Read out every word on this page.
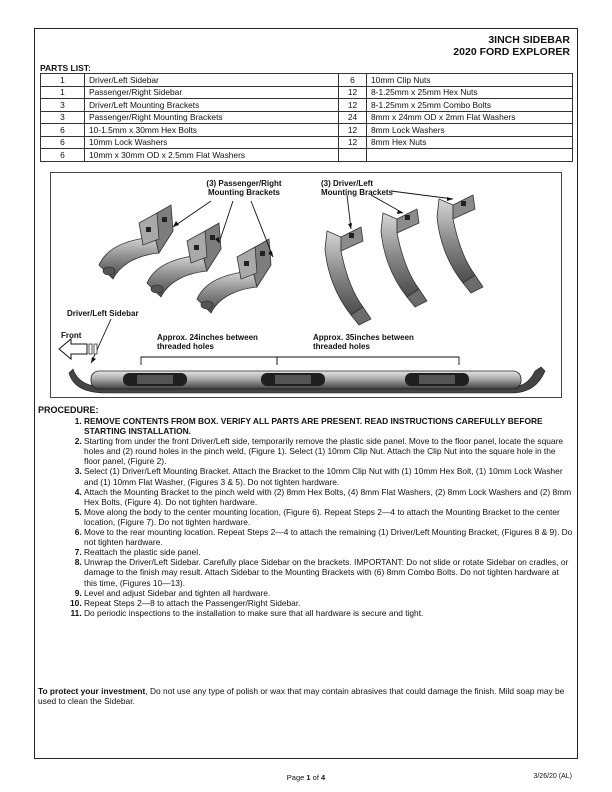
3INCH SIDEBAR
2020 FORD EXPLORER
PARTS LIST:
1	Driver/Left Sidebar	6	10mm Clip Nuts
1	Passenger/Right Sidebar	12	8-1.25mm x 25mm Hex Nuts
3	Driver/Left Mounting Brackets	12	8-1.25mm x 25mm Combo Bolts
3	Passenger/Right Mounting Brackets	24	8mm x 24mm OD x 2mm Flat Washers
6	10-1.5mm x 30mm Hex Bolts	12	8mm Lock Washers
6	10mm Lock Washers	12	8mm Hex Nuts
6	10mm x 30mm OD x 2.5mm Flat Washers		
(3) Passenger/Right Mounting Brackets
(3) Driver/Left Mounting Brackets
Driver/Left Sidebar
Front	Approx. 24inches between threaded holes
Approx. 35inches between threaded holes
PROCEDURE:
1. REMOVE CONTENTS FROM BOX. VERIFY ALL PARTS ARE PRESENT. READ INSTRUCTIONS CAREFULLY BEFORE STARTING INSTALLATION.
2. Starting from under the front Driver/Left side, temporarily remove the plastic side panel. Move to the floor panel, locate the square holes and (2) round holes in the pinch weld, (Figure 1). Select (1) 10mm Clip Nut. Attach the Clip Nut into the square hole in the floor panel, (Figure 2).
3. Select (1) Driver/Left Mounting Bracket. Attach the Bracket to the 10mm Clip Nut with (1) 10mm Hex Bolt, (1) 10mm Lock Washer and (1) 10mm Flat Washer, (Figures 3 & 5). Do not tighten hardware.
4. Attach the Mounting Bracket to the pinch weld with (2) 8mm Hex Bolts, (4) 8mm Flat Washers, (2) 8mm Lock Washers and (2) 8mm Hex Bolts, (Figure 4). Do not tighten hardware.
5. Move along the body to the center mounting location, (Figure 6). Repeat Steps 2—4 to attach the Mounting Bracket to the center location, (Figure 7). Do not tighten hardware.
6. Move to the rear mounting location. Repeat Steps 2—4 to attach the remaining (1) Driver/Left Mounting Bracket, (Figures 8 & 9). Do not tighten hardware.
7. Reattach the plastic side panel.
8. Unwrap the Driver/Left Sidebar. Carefully place Sidebar on the brackets. IMPORTANT: Do not slide or rotate Sidebar on cradles, or damage to the finish may result. Attach Sidebar to the Mounting Brackets with (6) 8mm Combo Bolts. Do not tighten hardware at this time, (Figures 10—13).
9. Level and adjust Sidebar and tighten all hardware.
10. Repeat Steps 2—8 to attach the Passenger/Right Sidebar.
11. Do periodic inspections to the installation to make sure that all hardware is secure and tight.
To protect your investment, Do not use any type of polish or wax that may contain abrasives that could damage the finish. Mild soap may be used to clean the Sidebar.
Page 1 of 4	3/26/20 (AL)
